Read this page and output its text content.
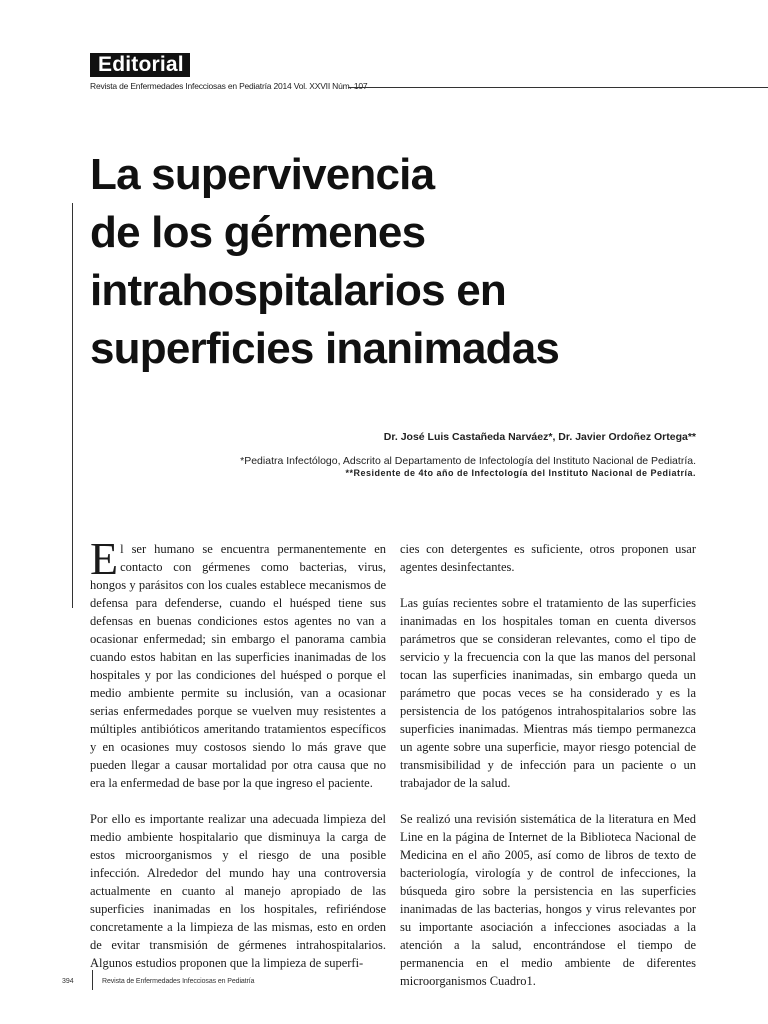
Editorial
Revista de Enfermedades Infecciosas en Pediatría 2014 Vol. XXVII Núm. 107
La supervivencia
de los gérmenes
intrahospitalarios en
superficies inanimadas
Dr. José Luis Castañeda Narváez*, Dr. Javier Ordoñez Ortega**
*Pediatra Infectólogo, Adscrito al Departamento de Infectología del Instituto Nacional de Pediatría.
**Residente de 4to año de Infectología del Instituto Nacional de Pediatría.

El ser humano se encuentra permanentemente en contacto con gérmenes como bacterias, virus, hongos y parásitos con los cuales establece mecanismos de defensa para defenderse, cuando el huésped tiene sus defensas en buenas condiciones estos agentes no van a ocasionar enfermedad; sin embargo el panorama cambia cuando estos habitan en las superficies inanimadas de los hospitales y por las condiciones del huésped o porque el medio ambiente permite su inclusión, van a ocasionar serias enfermedades porque se vuelven muy resistentes a múltiples antibióticos ameritando tratamientos específicos y en ocasiones muy costosos siendo lo más grave que pueden llegar a causar mortalidad por otra causa que no era la enfermedad de base por la que ingreso el paciente.

Por ello es importante realizar una adecuada limpieza del medio ambiente hospitalario que disminuya la carga de estos microorganismos y el riesgo de una posible infección. Alrededor del mundo hay una controversia actualmente en cuanto al manejo apropiado de las superficies inanimadas en los hospitales, refiriéndose concretamente a la limpieza de las mismas, esto en orden de evitar transmisión de gérmenes intrahospitalarios. Algunos estudios proponen que la limpieza de superfi-

cies con detergentes es suficiente, otros proponen usar agentes desinfectantes.

Las guías recientes sobre el tratamiento de las superficies inanimadas en los hospitales toman en cuenta diversos parámetros que se consideran relevantes, como el tipo de servicio y la frecuencia con la que las manos del personal tocan las superficies inanimadas, sin embargo queda un parámetro que pocas veces se ha considerado y es la persistencia de los patógenos intrahospitalarios sobre las superficies inanimadas. Mientras más tiempo permanezca un agente sobre una superficie, mayor riesgo potencial de transmisibilidad y de infección para un paciente o un trabajador de la salud.

Se realizó una revisión sistemática de la literatura en Med Line en la página de Internet de la Biblioteca Nacional de Medicina en el año 2005, así como de libros de texto de bacteriología, virología y de control de infecciones, la búsqueda giro sobre la persistencia en las superficies inanimadas de las bacterias, hongos y virus relevantes por su importante asociación a infecciones asociadas a la atención a la salud, encontrándose el tiempo de permanencia en el medio ambiente de diferentes microorganismos Cuadro1.

394	Revista de Enfermedades Infecciosas en Pediatría
